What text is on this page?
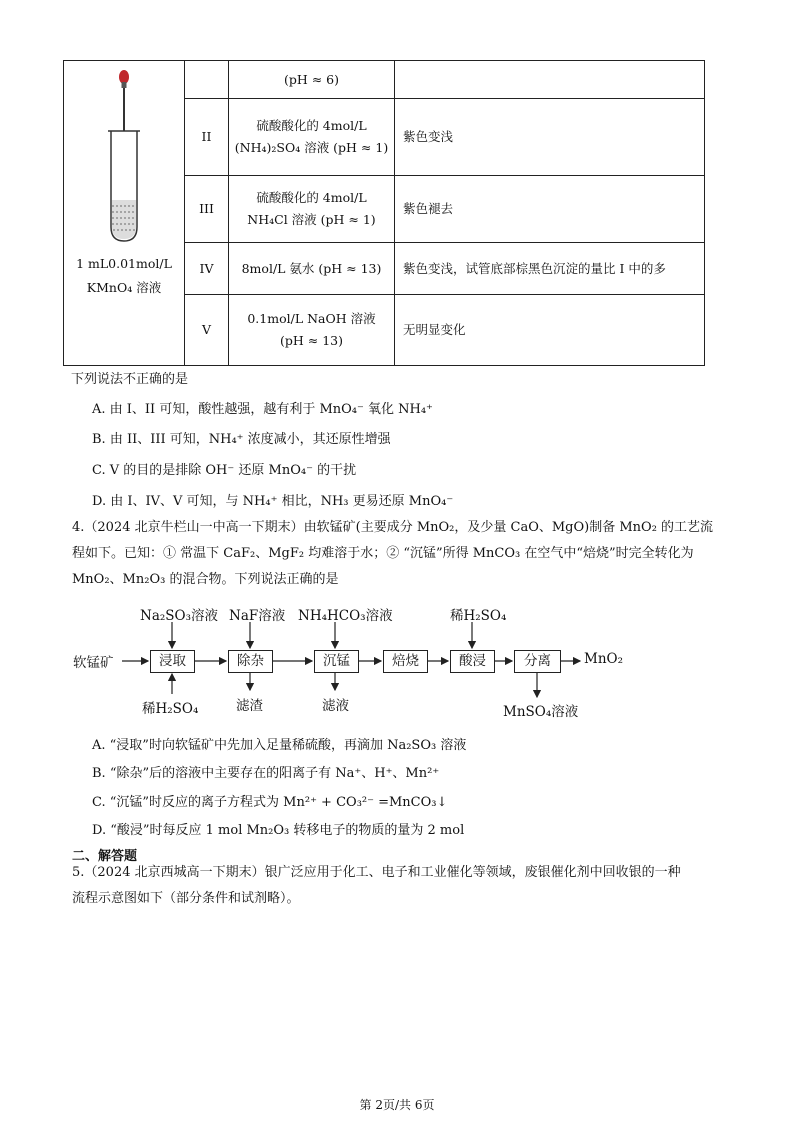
1 mL0.01mol/L
KMnO₄ 溶液		(pH ≈ 6)	

	II	硫酸酸化的 4mol/L
(NH₄)₂SO₄ 溶液 (pH ≈ 1)	紫色变浅
	III	硫酸酸化的 4mol/L
NH₄Cl 溶液 (pH ≈ 1)	紫色褪去
	IV	8mol/L 氨水 (pH ≈ 13)	紫色变浅，试管底部棕黑色沉淀的量比 I 中的多
	V	0.1mol/L NaOH 溶液
(pH ≈ 13)	无明显变化
下列说法不正确的是
A. 由 I、II 可知，酸性越强，越有利于 MnO₄⁻ 氧化 NH₄⁺
B. 由 II、III 可知，NH₄⁺ 浓度减小，其还原性增强
C. V 的目的是排除 OH⁻ 还原 MnO₄⁻ 的干扰
D. 由 I、IV、V 可知，与 NH₄⁺ 相比，NH₃ 更易还原 MnO₄⁻
4.（2024 北京牛栏山一中高一下期末）由软锰矿(主要成分 MnO₂，及少量 CaO、MgO)制备 MnO₂ 的工艺流
程如下。已知：① 常温下 CaF₂、MgF₂ 均难溶于水；② “沉锰”所得 MnCO₃ 在空气中“焙烧”时完全转化为
MnO₂、Mn₂O₃ 的混合物。下列说法正确的是
软锰矿	浸取	除杂	沉锰	焙烧	酸浸	分离	MnO₂
Na₂SO₃溶液 NaF溶液 NH₄HCO₃溶液	稀H₂SO₄
稀H₂SO₄	滤渣	滤液	MnSO₄溶液
A. “浸取”时向软锰矿中先加入足量稀硫酸，再滴加 Na₂SO₃ 溶液
B. “除杂”后的溶液中主要存在的阳离子有 Na⁺、H⁺、Mn²⁺
C. “沉锰”时反应的离子方程式为 Mn²⁺ + CO₃²⁻ =MnCO₃↓
D. “酸浸”时每反应 1 mol Mn₂O₃ 转移电子的物质的量为 2 mol
二、解答题
5.（2024 北京西城高一下期末）银广泛应用于化工、电子和工业催化等领域，废银催化剂中回收银的一种
流程示意图如下（部分条件和试剂略）。
第 2页/共 6页
